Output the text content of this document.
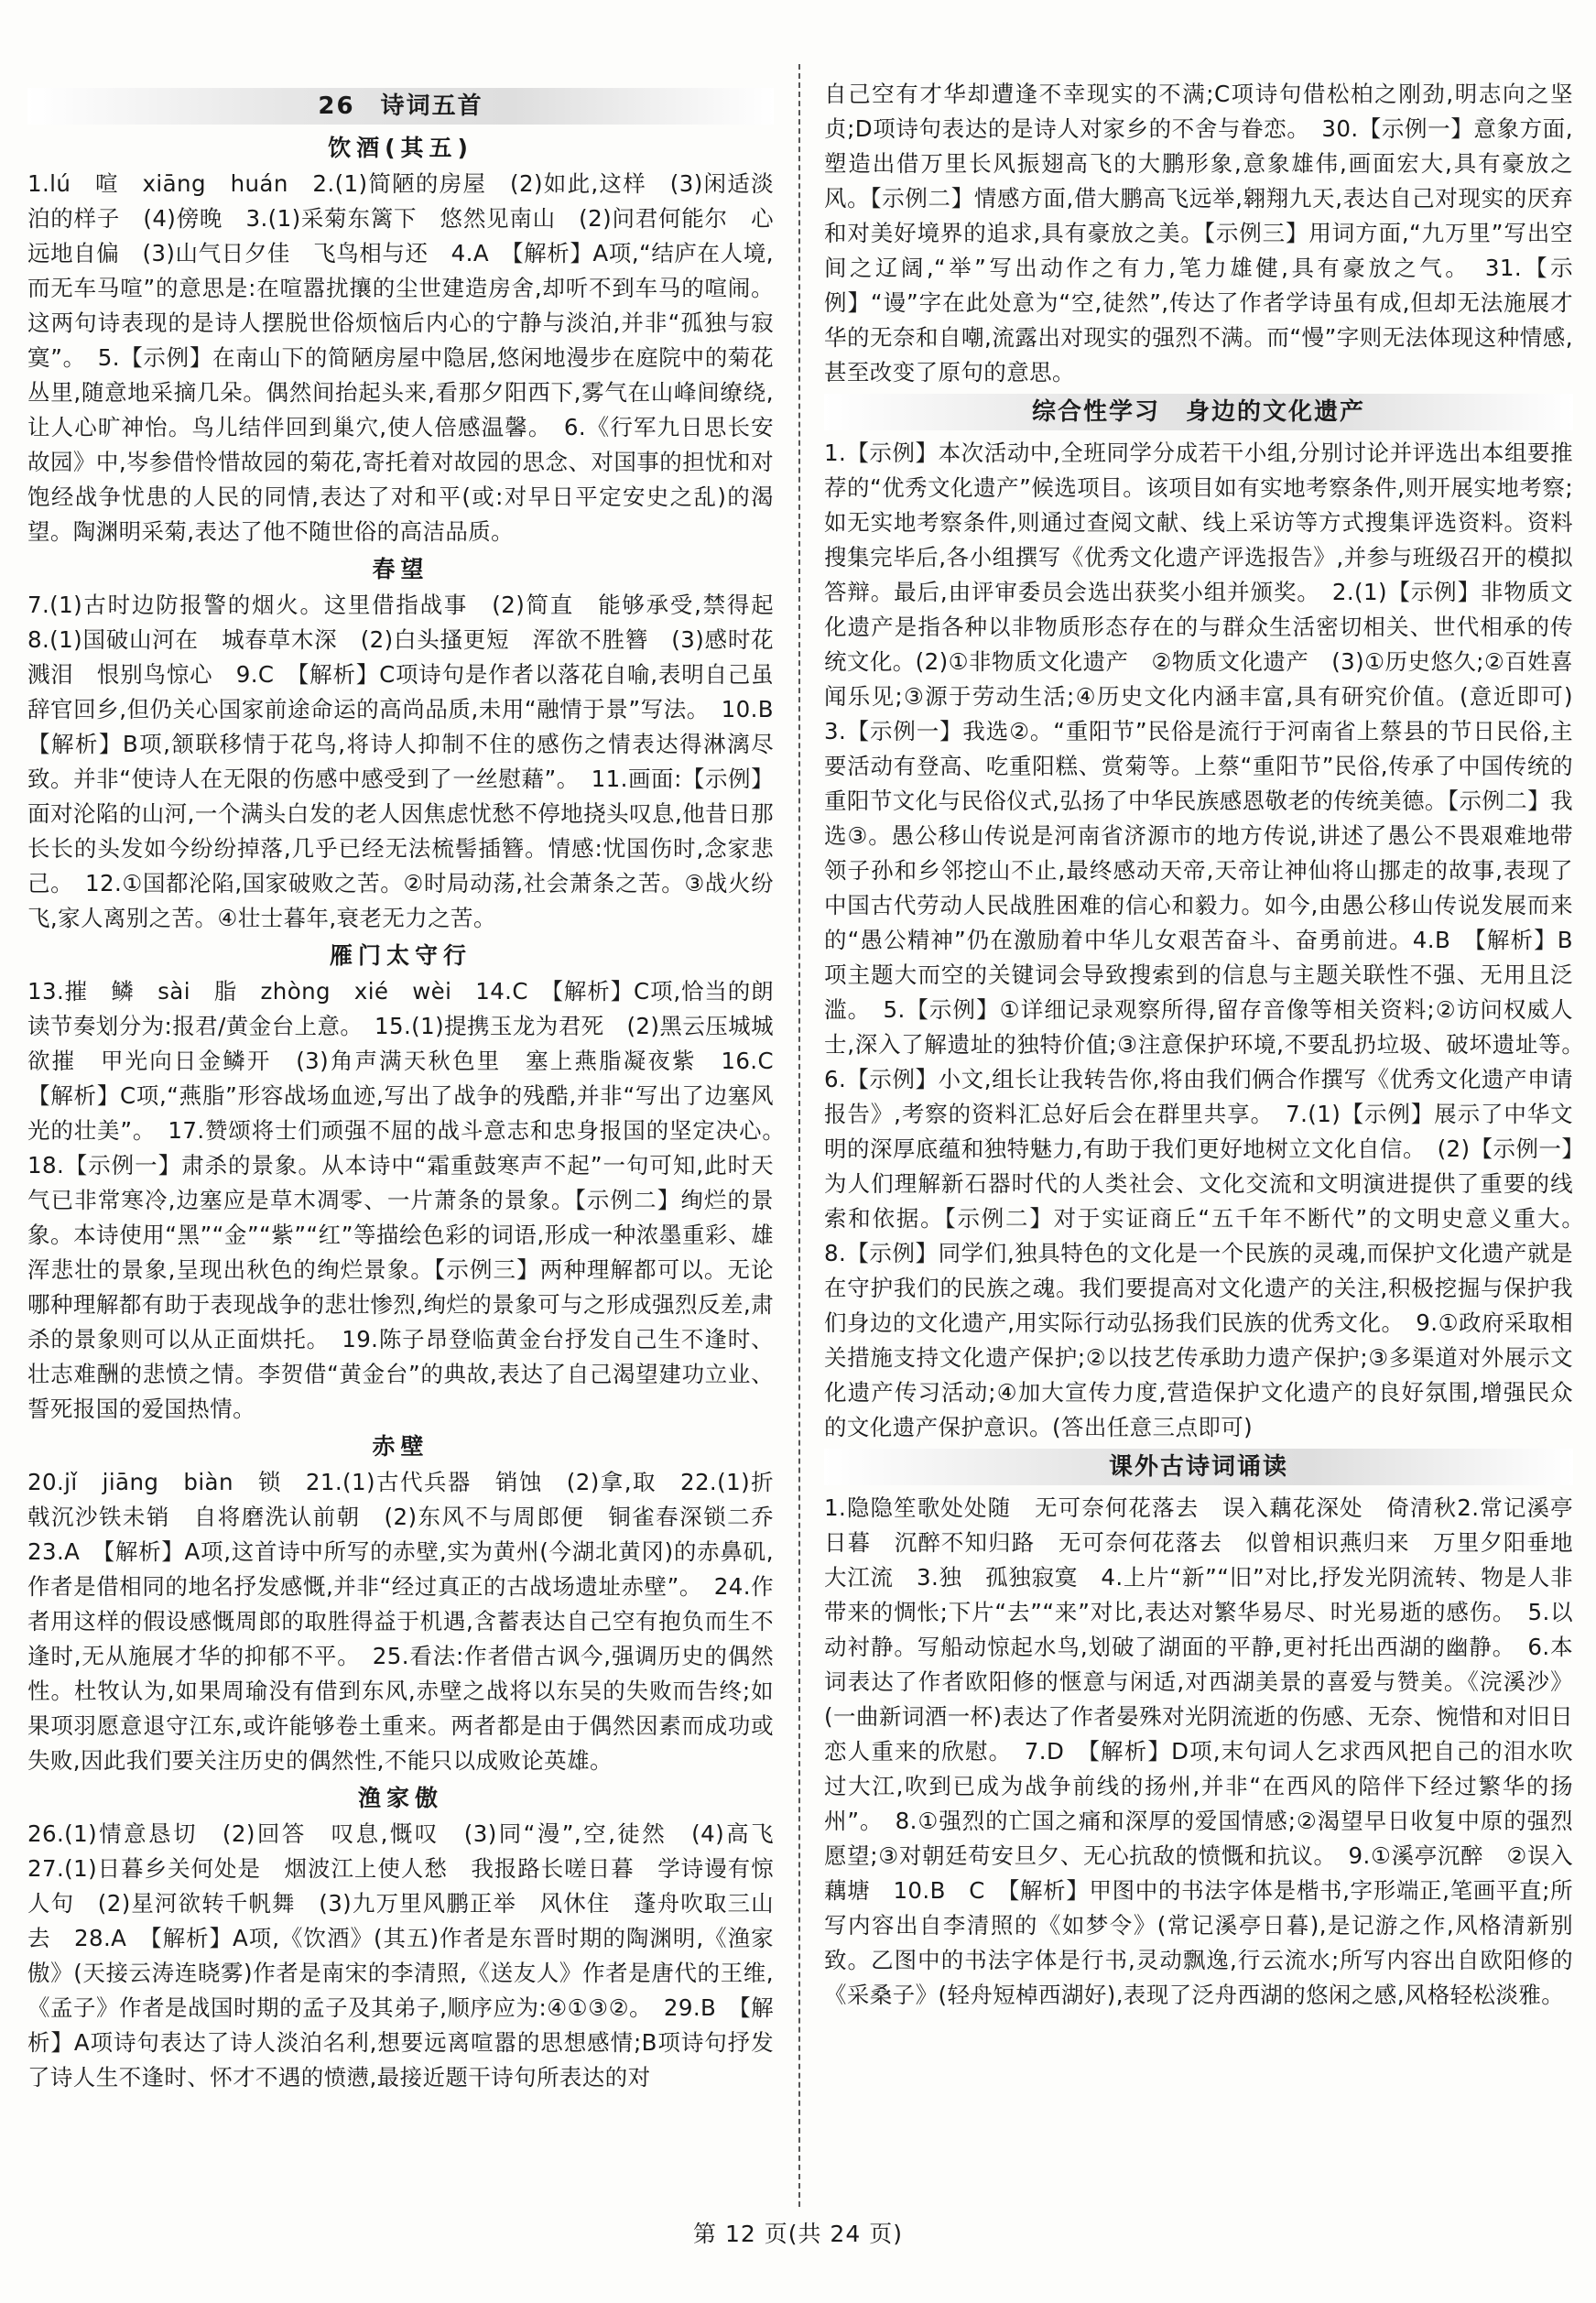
26 诗词五首
饮酒(其五)

1.lú　喧　xiāng　huán　2.(1)简陋的房屋　(2)如此,这样　(3)闲适淡泊的样子　(4)傍晚　3.(1)采菊东篱下　悠然见南山　(2)问君何能尔　心远地自偏　(3)山气日夕佳　飞鸟相与还　4.A　【解析】A项,“结庐在人境,而无车马喧”的意思是:在喧嚣扰攘的尘世建造房舍,却听不到车马的喧闹。这两句诗表现的是诗人摆脱世俗烦恼后内心的宁静与淡泊,并非“孤独与寂寞”。　5.【示例】在南山下的简陋房屋中隐居,悠闲地漫步在庭院中的菊花丛里,随意地采摘几朵。偶然间抬起头来,看那夕阳西下,雾气在山峰间缭绕,让人心旷神怡。鸟儿结伴回到巢穴,使人倍感温馨。　6.《行军九日思长安故园》中,岑参借怜惜故园的菊花,寄托着对故园的思念、对国事的担忧和对饱经战争忧患的人民的同情,表达了对和平(或:对早日平定安史之乱)的渴望。陶渊明采菊,表达了他不随世俗的高洁品质。

春望

7.(1)古时边防报警的烟火。这里借指战事　(2)简直　能够承受,禁得起　8.(1)国破山河在　城春草木深　(2)白头搔更短　浑欲不胜簪　(3)感时花溅泪　恨别鸟惊心　9.C　【解析】C项诗句是作者以落花自喻,表明自己虽辞官回乡,但仍关心国家前途命运的高尚品质,未用“融情于景”写法。　10.B　【解析】B项,颔联移情于花鸟,将诗人抑制不住的感伤之情表达得淋漓尽致。并非“使诗人在无限的伤感中感受到了一丝慰藉”。　11.画面:【示例】面对沦陷的山河,一个满头白发的老人因焦虑忧愁不停地挠头叹息,他昔日那长长的头发如今纷纷掉落,几乎已经无法梳髻插簪。情感:忧国伤时,念家悲己。　12.①国都沦陷,国家破败之苦。②时局动荡,社会萧条之苦。③战火纷飞,家人离别之苦。④壮士暮年,衰老无力之苦。

雁门太守行

13.摧　鳞　sài　脂　zhòng　xié　wèi　14.C　【解析】C项,恰当的朗读节奏划分为:报君/黄金台上意。　15.(1)提携玉龙为君死　(2)黑云压城城欲摧　甲光向日金鳞开　(3)角声满天秋色里　塞上燕脂凝夜紫　16.C　【解析】C项,“燕脂”形容战场血迹,写出了战争的残酷,并非“写出了边塞风光的壮美”。　17.赞颂将士们顽强不屈的战斗意志和忠身报国的坚定决心。　18.【示例一】肃杀的景象。从本诗中“霜重鼓寒声不起”一句可知,此时天气已非常寒冷,边塞应是草木凋零、一片萧条的景象。【示例二】绚烂的景象。本诗使用“黑”“金”“紫”“红”等描绘色彩的词语,形成一种浓墨重彩、雄浑悲壮的景象,呈现出秋色的绚烂景象。【示例三】两种理解都可以。无论哪种理解都有助于表现战争的悲壮惨烈,绚烂的景象可与之形成强烈反差,肃杀的景象则可以从正面烘托。　19.陈子昂登临黄金台抒发自己生不逢时、壮志难酬的悲愤之情。李贺借“黄金台”的典故,表达了自己渴望建功立业、誓死报国的爱国热情。

赤壁

20.jǐ　jiāng　biàn　锁　21.(1)古代兵器　销蚀　(2)拿,取　22.(1)折戟沉沙铁未销　自将磨洗认前朝　(2)东风不与周郎便　铜雀春深锁二乔　23.A　【解析】A项,这首诗中所写的赤壁,实为黄州(今湖北黄冈)的赤鼻矶,作者是借相同的地名抒发感慨,并非“经过真正的古战场遗址赤壁”。　24.作者用这样的假设感慨周郎的取胜得益于机遇,含蓄表达自己空有抱负而生不逢时,无从施展才华的抑郁不平。　25.看法:作者借古讽今,强调历史的偶然性。杜牧认为,如果周瑜没有借到东风,赤壁之战将以东吴的失败而告终;如果项羽愿意退守江东,或许能够卷土重来。两者都是由于偶然因素而成功或失败,因此我们要关注历史的偶然性,不能只以成败论英雄。

渔家傲

26.(1)情意恳切　(2)回答　叹息,慨叹　(3)同“漫”,空,徒然　(4)高飞　27.(1)日暮乡关何处是　烟波江上使人愁　我报路长嗟日暮　学诗谩有惊人句　(2)星河欲转千帆舞　(3)九万里风鹏正举　风休住　蓬舟吹取三山去　28.A　【解析】A项,《饮酒》(其五)作者是东晋时期的陶渊明,《渔家傲》(天接云涛连晓雾)作者是南宋的李清照,《送友人》作者是唐代的王维,《孟子》作者是战国时期的孟子及其弟子,顺序应为:④①③②。　29.B　【解析】A项诗句表达了诗人淡泊名利,想要远离喧嚣的思想感情;B项诗句抒发了诗人生不逢时、怀才不遇的愤懑,最接近题干诗句所表达的对

自己空有才华却遭逢不幸现实的不满;C项诗句借松柏之刚劲,明志向之坚贞;D项诗句表达的是诗人对家乡的不舍与眷恋。　30.【示例一】意象方面,塑造出借万里长风振翅高飞的大鹏形象,意象雄伟,画面宏大,具有豪放之风。【示例二】情感方面,借大鹏高飞远举,翱翔九天,表达自己对现实的厌弃和对美好境界的追求,具有豪放之美。【示例三】用词方面,“九万里”写出空间之辽阔,“举”写出动作之有力,笔力雄健,具有豪放之气。　31.【示例】“谩”字在此处意为“空,徒然”,传达了作者学诗虽有成,但却无法施展才华的无奈和自嘲,流露出对现实的强烈不满。而“慢”字则无法体现这种情感,甚至改变了原句的意思。

综合性学习　身边的文化遗产

1.【示例】本次活动中,全班同学分成若干小组,分别讨论并评选出本组要推荐的“优秀文化遗产”候选项目。该项目如有实地考察条件,则开展实地考察;如无实地考察条件,则通过查阅文献、线上采访等方式搜集评选资料。资料搜集完毕后,各小组撰写《优秀文化遗产评选报告》,并参与班级召开的模拟答辩。最后,由评审委员会选出获奖小组并颁奖。　2.(1)【示例】非物质文化遗产是指各种以非物质形态存在的与群众生活密切相关、世代相承的传统文化。(2)①非物质文化遗产　②物质文化遗产　(3)①历史悠久;②百姓喜闻乐见;③源于劳动生活;④历史文化内涵丰富,具有研究价值。(意近即可)　3.【示例一】我选②。“重阳节”民俗是流行于河南省上蔡县的节日民俗,主要活动有登高、吃重阳糕、赏菊等。上蔡“重阳节”民俗,传承了中国传统的重阳节文化与民俗仪式,弘扬了中华民族感恩敬老的传统美德。【示例二】我选③。愚公移山传说是河南省济源市的地方传说,讲述了愚公不畏艰难地带领子孙和乡邻挖山不止,最终感动天帝,天帝让神仙将山挪走的故事,表现了中国古代劳动人民战胜困难的信心和毅力。如今,由愚公移山传说发展而来的“愚公精神”仍在激励着中华儿女艰苦奋斗、奋勇前进。4.B　【解析】B项主题大而空的关键词会导致搜索到的信息与主题关联性不强、无用且泛滥。　5.【示例】①详细记录观察所得,留存音像等相关资料;②访问权威人士,深入了解遗址的独特价值;③注意保护环境,不要乱扔垃圾、破坏遗址等。　6.【示例】小文,组长让我转告你,将由我们俩合作撰写《优秀文化遗产申请报告》,考察的资料汇总好后会在群里共享。　7.(1)【示例】展示了中华文明的深厚底蕴和独特魅力,有助于我们更好地树立文化自信。　(2)【示例一】为人们理解新石器时代的人类社会、文化交流和文明演进提供了重要的线索和依据。【示例二】对于实证商丘“五千年不断代”的文明史意义重大。　8.【示例】同学们,独具特色的文化是一个民族的灵魂,而保护文化遗产就是在守护我们的民族之魂。我们要提高对文化遗产的关注,积极挖掘与保护我们身边的文化遗产,用实际行动弘扬我们民族的优秀文化。　9.①政府采取相关措施支持文化遗产保护;②以技艺传承助力遗产保护;③多渠道对外展示文化遗产传习活动;④加大宣传力度,营造保护文化遗产的良好氛围,增强民众的文化遗产保护意识。(答出任意三点即可)

课外古诗词诵读

1.隐隐笙歌处处随　无可奈何花落去　误入藕花深处　倚清秋2.常记溪亭日暮　沉醉不知归路　无可奈何花落去　似曾相识燕归来　万里夕阳垂地大江流　3.独　孤独寂寞　4.上片“新”“旧”对比,抒发光阴流转、物是人非带来的惆怅;下片“去”“来”对比,表达对繁华易尽、时光易逝的感伤。　5.以动衬静。写船动惊起水鸟,划破了湖面的平静,更衬托出西湖的幽静。　6.本词表达了作者欧阳修的惬意与闲适,对西湖美景的喜爱与赞美。《浣溪沙》(一曲新词酒一杯)表达了作者晏殊对光阴流逝的伤感、无奈、惋惜和对旧日恋人重来的欣慰。　7.D　【解析】D项,末句词人乞求西风把自己的泪水吹过大江,吹到已成为战争前线的扬州,并非“在西风的陪伴下经过繁华的扬州”。　8.①强烈的亡国之痛和深厚的爱国情感;②渴望早日收复中原的强烈愿望;③对朝廷苟安旦夕、无心抗敌的愤慨和抗议。　9.①溪亭沉醉　②误入藕塘　10.B　C　【解析】甲图中的书法字体是楷书,字形端正,笔画平直;所写内容出自李清照的《如梦令》(常记溪亭日暮),是记游之作,风格清新别致。乙图中的书法字体是行书,灵动飘逸,行云流水;所写内容出自欧阳修的《采桑子》(轻舟短棹西湖好),表现了泛舟西湖的悠闲之感,风格轻松淡雅。

第 12 页(共 24 页)
